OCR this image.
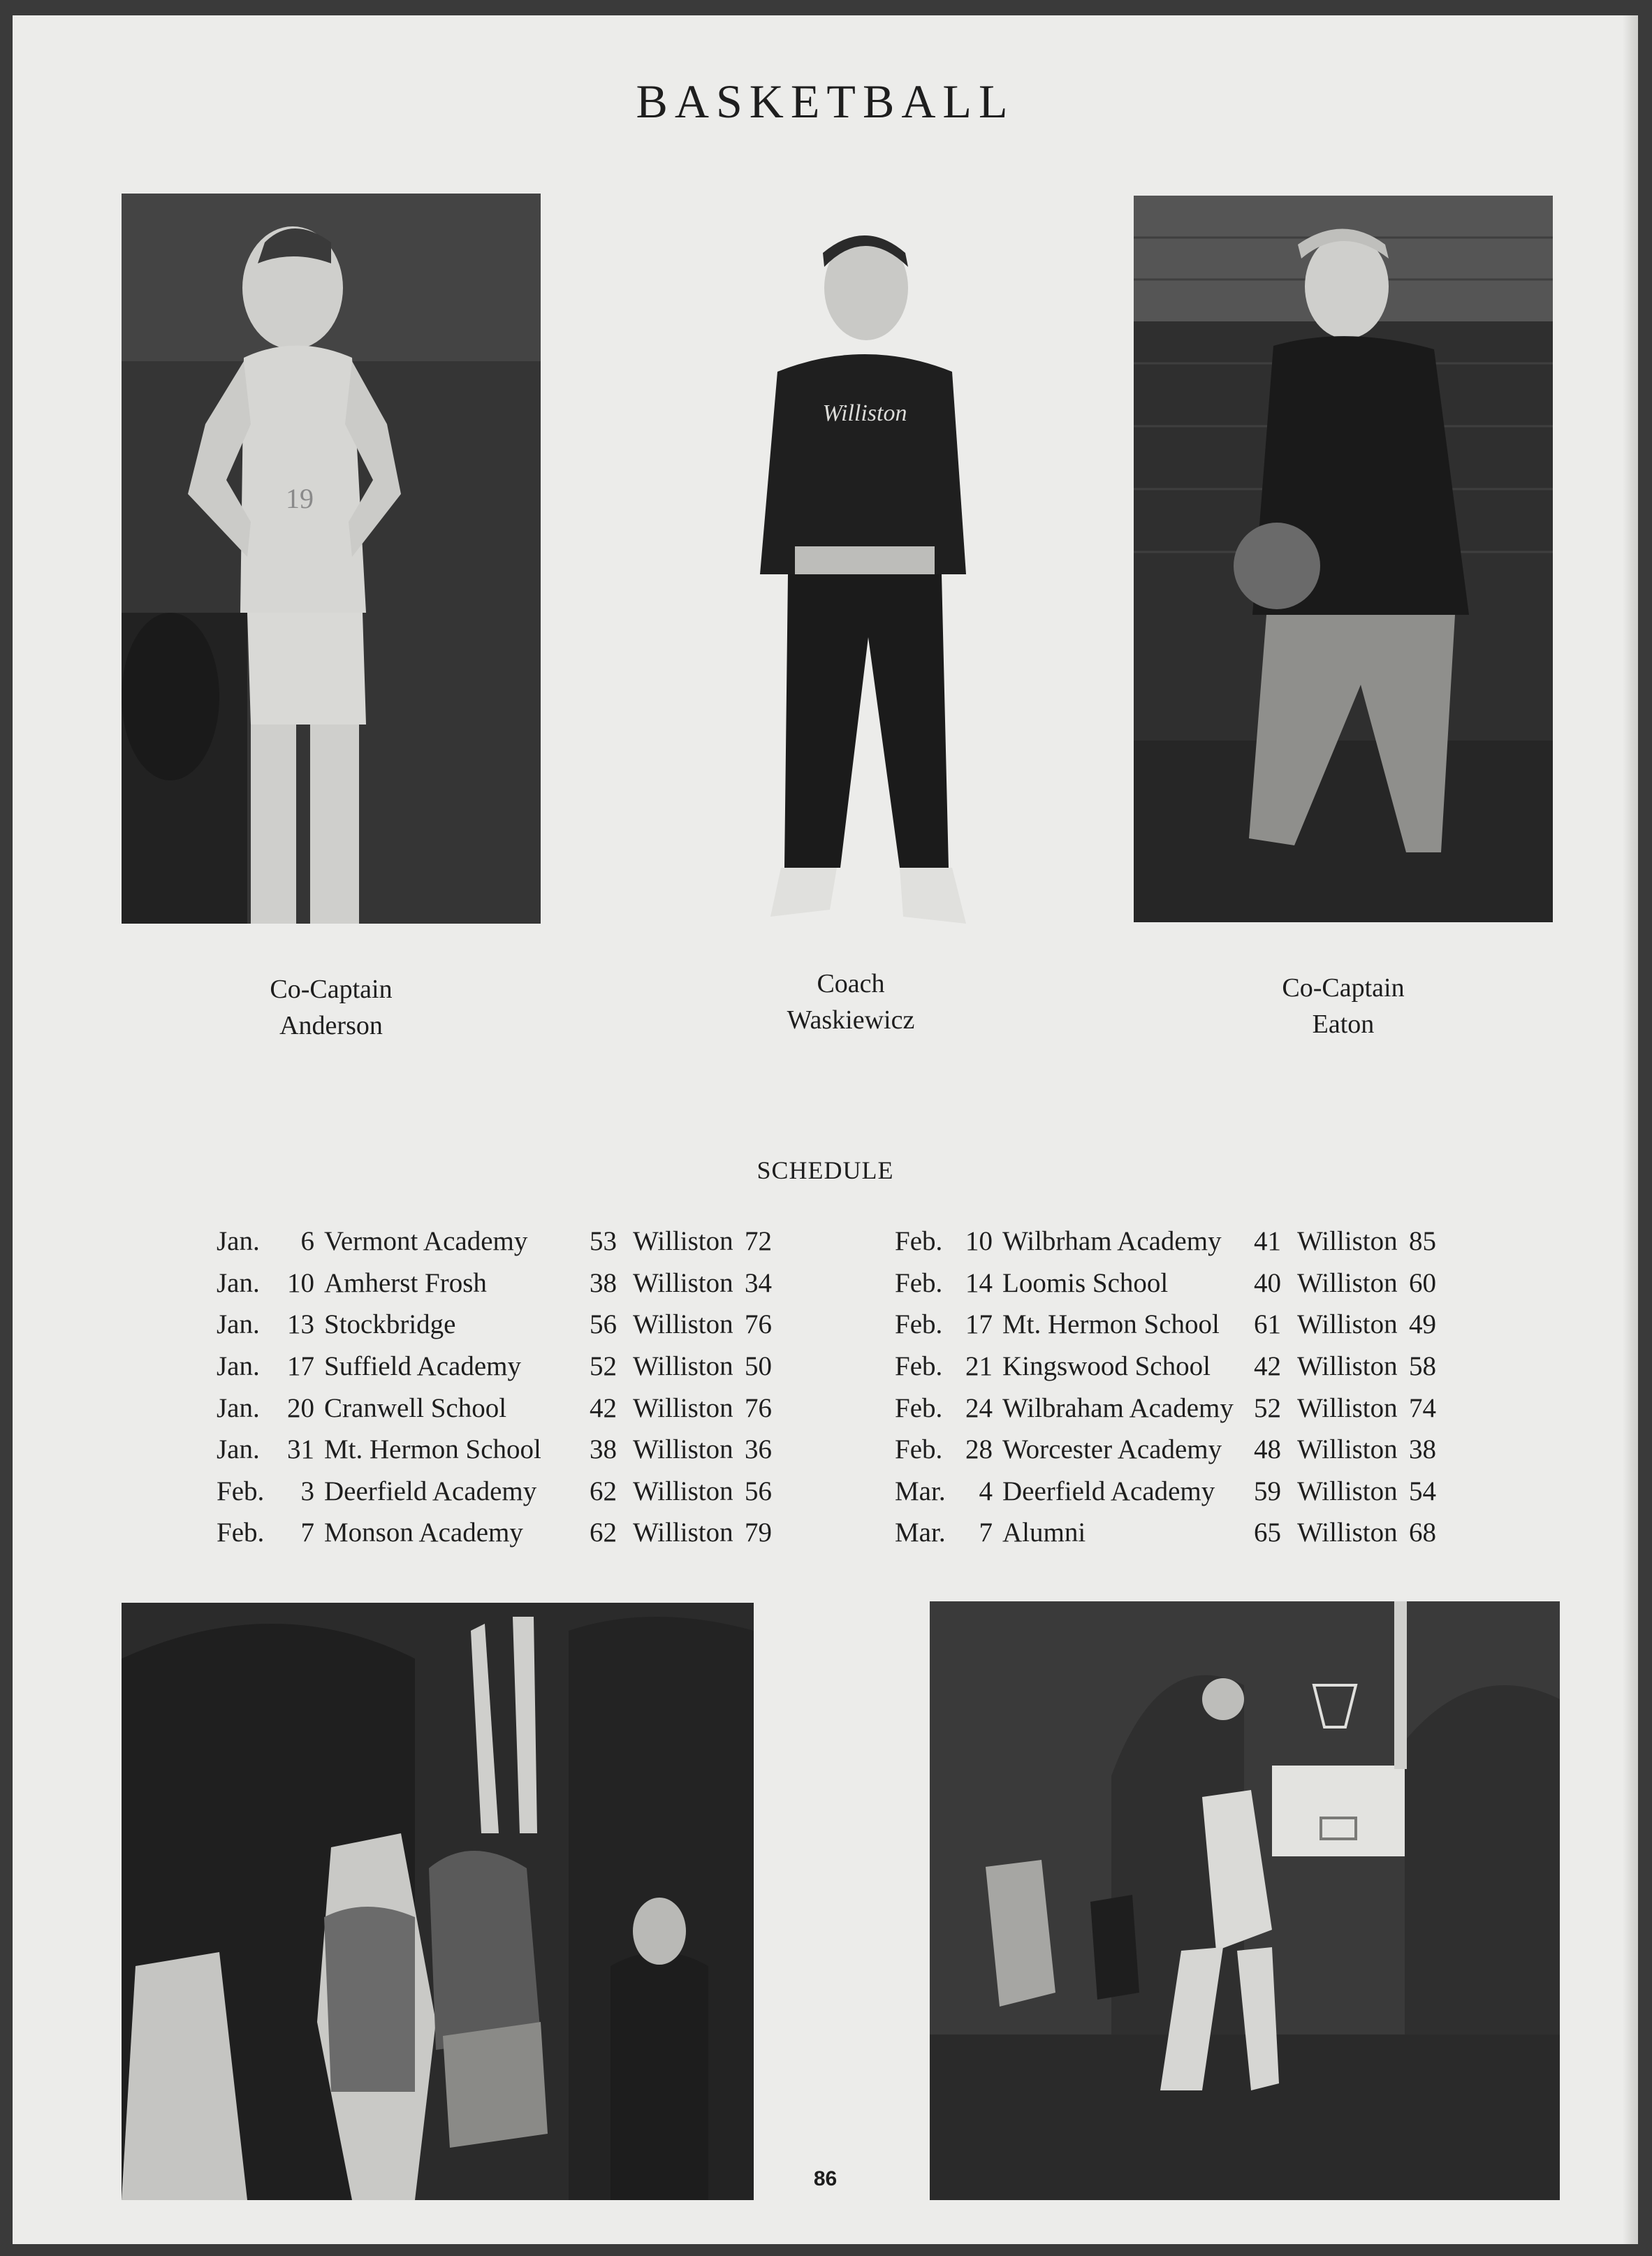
BASKETBALL
19
Williston
Co-Captain
Anderson
Coach
Waskiewicz
Co-Captain
Eaton
SCHEDULE
Jan.	6	Vermont Academy	53	Williston	72
Jan.	10	Amherst Frosh	38	Williston	34
Jan.	13	Stockbridge	56	Williston	76
Jan.	17	Suffield Academy	52	Williston	50
Jan.	20	Cranwell School	42	Williston	76
Jan.	31	Mt. Hermon School	38	Williston	36
Feb.	3	Deerfield Academy	62	Williston	56
Feb.	7	Monson Academy	62	Williston	79
Feb.	10	Wilbrham Academy	41	Williston	85
Feb.	14	Loomis School	40	Williston	60
Feb.	17	Mt. Hermon School	61	Williston	49
Feb.	21	Kingswood School	42	Williston	58
Feb.	24	Wilbraham Academy	52	Williston	74
Feb.	28	Worcester Academy	48	Williston	38
Mar.	4	Deerfield Academy	59	Williston	54
Mar.	7	Alumni	65	Williston	68
86
